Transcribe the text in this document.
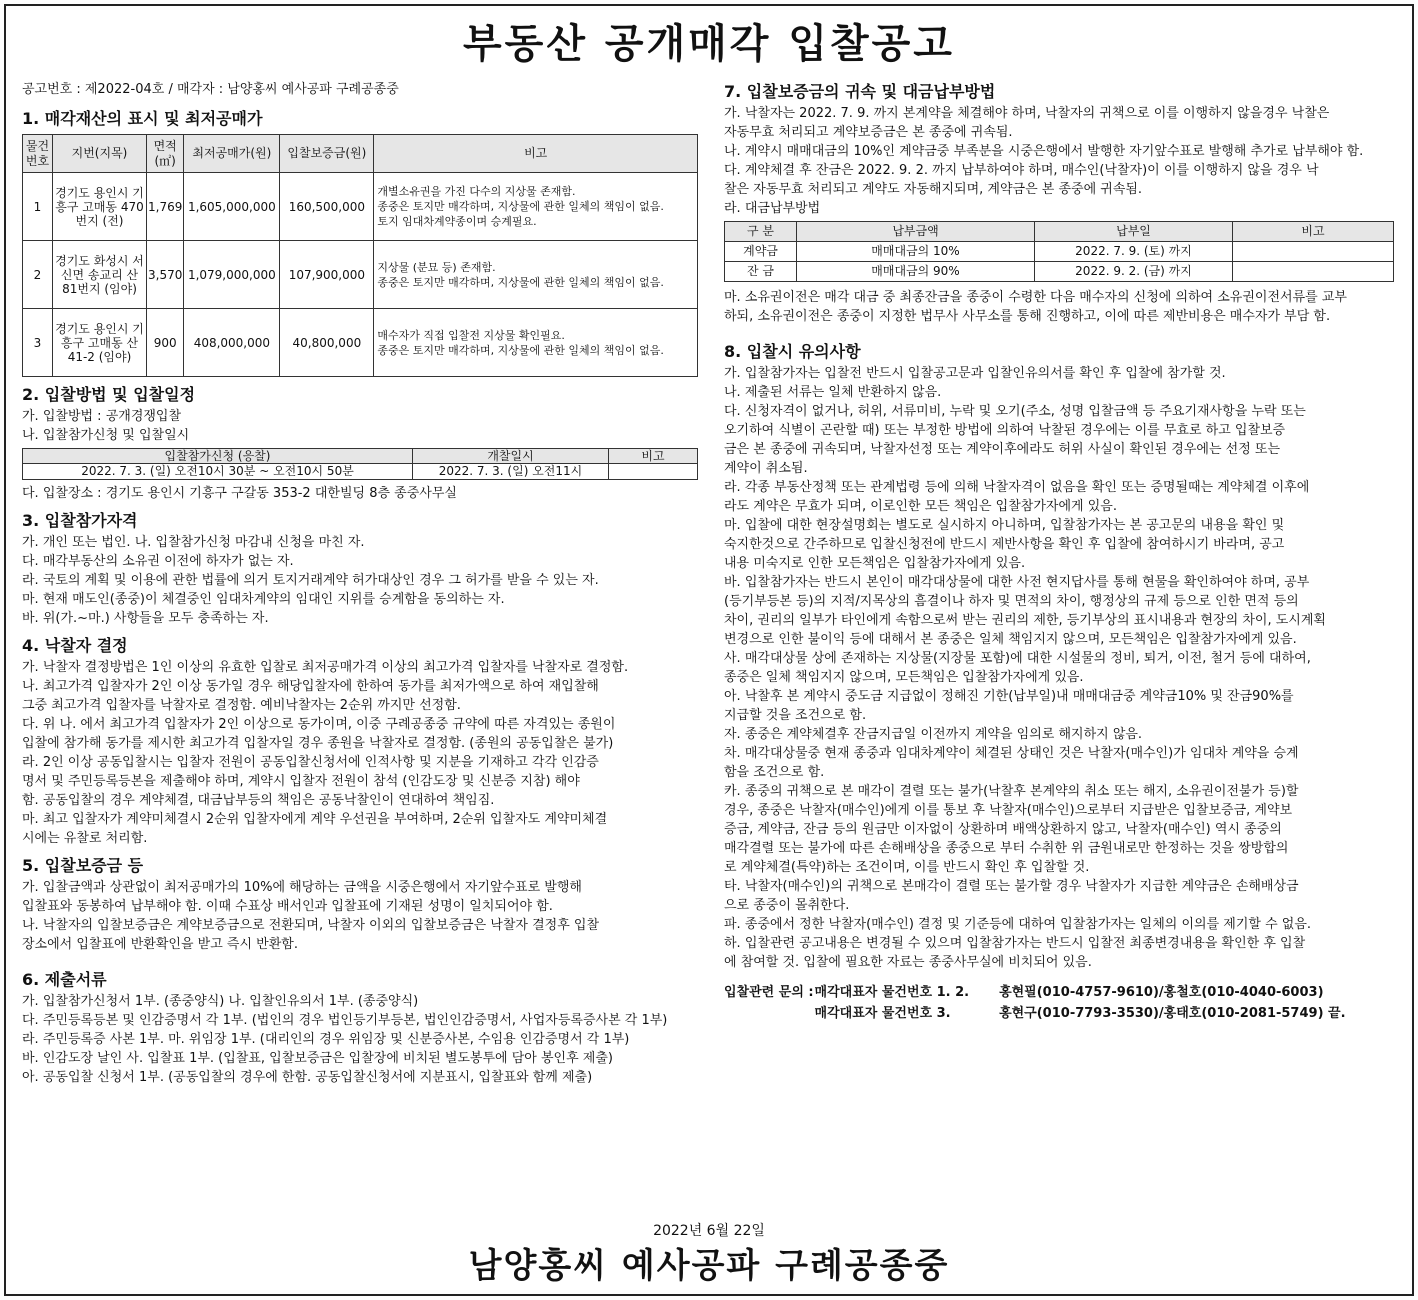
부동산 공개매각 입찰공고
공고번호 : 제2022-04호 / 매각자 : 남양홍씨 예사공파 구례공종중
1. 매각재산의 표시 및 최저공매가
물건번호	지번(지목)	면적(㎡)	최저공매가(원)	입찰보증금(원)	비고
1	경기도 용인시 기흥구 고매동 470번지 (전)	1,769	1,605,000,000	160,500,000	개별소유권을 가진 다수의 지상물 존재함.
종중은 토지만 매각하며, 지상물에 관한 일체의 책임이 없음.
토지 임대차계약종이며 승계필요.

2	경기도 화성시 서신면 송교리 산81번지 (임야)	3,570	1,079,000,000	107,900,000	지상물 (분묘 등) 존재함.
종중은 토지만 매각하며, 지상물에 관한 일체의 책임이 없음.

3	경기도 용인시 기흥구 고매동 산41-2 (임야)	900	408,000,000	40,800,000	매수자가 직접 입찰전 지상물 확인필요.
종중은 토지만 매각하며, 지상물에 관한 일체의 책임이 없음.
2. 입찰방법 및 입찰일정
가. 입찰방법 : 공개경쟁입찰
나. 입찰참가신청 및 입찰일시
입찰참가신청 (응찰)	개찰일시	비고
2022. 7. 3. (일) 오전10시 30분 ~ 오전10시 50분	2022. 7. 3. (일) 오전11시	
다. 입찰장소 : 경기도 용인시 기흥구 구갈동 353-2 대한빌딩 8층 종중사무실
3. 입찰참가자격
가. 개인 또는 법인. 나. 입찰참가신청 마감내 신청을 마친 자.
다. 매각부동산의 소유권 이전에 하자가 없는 자.
라. 국토의 계획 및 이용에 관한 법률에 의거 토지거래계약 허가대상인 경우 그 허가를 받을 수 있는 자.
마. 현재 매도인(종중)이 체결중인 임대차계약의 임대인 지위를 승계함을 동의하는 자.
바. 위(가.~마.) 사항들을 모두 충족하는 자.
4. 낙찰자 결정
가. 낙찰자 결정방법은 1인 이상의 유효한 입찰로 최저공매가격 이상의 최고가격 입찰자를 낙찰자로 결정함.
나. 최고가격 입찰자가 2인 이상 동가일 경우 해당입찰자에 한하여 동가를 최저가액으로 하여 재입찰해
그중 최고가격 입찰자를 낙찰자로 결정함. 예비낙찰자는 2순위 까지만 선정함.
다. 위 나. 에서 최고가격 입찰자가 2인 이상으로 동가이며, 이중 구례공종중 규약에 따른 자격있는 종원이
입찰에 참가해 동가를 제시한 최고가격 입찰자일 경우 종원을 낙찰자로 결정함. (종원의 공동입찰은 불가)
라. 2인 이상 공동입찰시는 입찰자 전원이 공동입찰신청서에 인적사항 및 지분을 기재하고 각각 인감증
명서 및 주민등록등본을 제출해야 하며, 계약시 입찰자 전원이 참석 (인감도장 및 신분증 지참) 해야
함. 공동입찰의 경우 계약체결, 대금납부등의 책임은 공동낙찰인이 연대하여 책임짐.
마. 최고 입찰자가 계약미체결시 2순위 입찰자에게 계약 우선권을 부여하며, 2순위 입찰자도 계약미체결
시에는 유찰로 처리함.
5. 입찰보증금 등
가. 입찰금액과 상관없이 최저공매가의 10%에 해당하는 금액을 시중은행에서 자기앞수표로 발행해
입찰표와 동봉하여 납부해야 함. 이때 수표상 배서인과 입찰표에 기재된 성명이 일치되어야 함.
나. 낙찰자의 입찰보증금은 계약보증금으로 전환되며, 낙찰자 이외의 입찰보증금은 낙찰자 결정후 입찰
장소에서 입찰표에 반환확인을 받고 즉시 반환함.
6. 제출서류
가. 입찰참가신청서 1부. (종중양식) 나. 입찰인유의서 1부. (종중양식)
다. 주민등록등본 및 인감증명서 각 1부. (법인의 경우 법인등기부등본, 법인인감증명서, 사업자등록증사본 각 1부)
라. 주민등록증 사본 1부. 마. 위임장 1부. (대리인의 경우 위임장 및 신분증사본, 수임용 인감증명서 각 1부)
바. 인감도장 날인 사. 입찰표 1부. (입찰표, 입찰보증금은 입찰장에 비치된 별도봉투에 담아 봉인후 제출)
아. 공동입찰 신청서 1부. (공동입찰의 경우에 한함. 공동입찰신청서에 지분표시, 입찰표와 함께 제출)
7. 입찰보증금의 귀속 및 대금납부방법
가. 낙찰자는 2022. 7. 9. 까지 본계약을 체결해야 하며, 낙찰자의 귀책으로 이를 이행하지 않을경우 낙찰은
자동무효 처리되고 계약보증금은 본 종중에 귀속됨.
나. 계약시 매매대금의 10%인 계약금중 부족분을 시중은행에서 발행한 자기앞수표로 발행해 추가로 납부해야 함.
다. 계약체결 후 잔금은 2022. 9. 2. 까지 납부하여야 하며, 매수인(낙찰자)이 이를 이행하지 않을 경우 낙
찰은 자동무효 처리되고 계약도 자동해지되며, 계약금은 본 종중에 귀속됨.
라. 대금납부방법
구 분	납부금액	납부일	비고
계약금	매매대금의 10%	2022. 7. 9. (토) 까지	
잔 금	매매대금의 90%	2022. 9. 2. (금) 까지	
마. 소유권이전은 매각 대금 중 최종잔금을 종중이 수령한 다음 매수자의 신청에 의하여 소유권이전서류를 교부
하되, 소유권이전은 종중이 지정한 법무사 사무소를 통해 진행하고, 이에 따른 제반비용은 매수자가 부담 함.
8. 입찰시 유의사항
가. 입찰참가자는 입찰전 반드시 입찰공고문과 입찰인유의서를 확인 후 입찰에 참가할 것.
나. 제출된 서류는 일체 반환하지 않음.
다. 신청자격이 없거나, 허위, 서류미비, 누락 및 오기(주소, 성명 입찰금액 등 주요기재사항을 누락 또는
오기하여 식별이 곤란할 때) 또는 부정한 방법에 의하여 낙찰된 경우에는 이를 무효로 하고 입찰보증
금은 본 종중에 귀속되며, 낙찰자선정 또는 계약이후에라도 허위 사실이 확인된 경우에는 선정 또는
계약이 취소됨.
라. 각종 부동산정책 또는 관계법령 등에 의해 낙찰자격이 없음을 확인 또는 증명될때는 계약체결 이후에
라도 계약은 무효가 되며, 이로인한 모든 책임은 입찰참가자에게 있음.
마. 입찰에 대한 현장설명회는 별도로 실시하지 아니하며, 입찰참가자는 본 공고문의 내용을 확인 및
숙지한것으로 간주하므로 입찰신청전에 반드시 제반사항을 확인 후 입찰에 참여하시기 바라며, 공고
내용 미숙지로 인한 모든책임은 입찰참가자에게 있음.
바. 입찰참가자는 반드시 본인이 매각대상물에 대한 사전 현지답사를 통해 현물을 확인하여야 하며, 공부
(등기부등본 등)의 지적/지목상의 흠결이나 하자 및 면적의 차이, 행정상의 규제 등으로 인한 면적 등의
차이, 권리의 일부가 타인에게 속함으로써 받는 권리의 제한, 등기부상의 표시내용과 현장의 차이, 도시계획
변경으로 인한 불이익 등에 대해서 본 종중은 일체 책임지지 않으며, 모든책임은 입찰참가자에게 있음.
사. 매각대상물 상에 존재하는 지상물(지장물 포함)에 대한 시설물의 정비, 퇴거, 이전, 철거 등에 대하여,
종중은 일체 책임지지 않으며, 모든책임은 입찰참가자에게 있음.
아. 낙찰후 본 계약시 중도금 지급없이 정해진 기한(납부일)내 매매대금중 계약금10% 및 잔금90%를
지급할 것을 조건으로 함.
자. 종중은 계약체결후 잔금지급일 이전까지 계약을 임의로 해지하지 않음.
차. 매각대상물중 현재 종중과 임대차계약이 체결된 상태인 것은 낙찰자(매수인)가 임대차 계약을 승계
함을 조건으로 함.
카. 종중의 귀책으로 본 매각이 결렬 또는 불가(낙찰후 본계약의 취소 또는 해지, 소유권이전불가 등)할
경우, 종중은 낙찰자(매수인)에게 이를 통보 후 낙찰자(매수인)으로부터 지급받은 입찰보증금, 계약보
증금, 계약금, 잔금 등의 원금만 이자없이 상환하며 배액상환하지 않고, 낙찰자(매수인) 역시 종중의
매각결렬 또는 불가에 따른 손해배상을 종중으로 부터 수취한 위 금원내로만 한정하는 것을 쌍방합의
로 계약체결(특약)하는 조건이며, 이를 반드시 확인 후 입찰할 것.
타. 낙찰자(매수인)의 귀책으로 본매각이 결렬 또는 불가할 경우 낙찰자가 지급한 계약금은 손해배상금
으로 종중이 몰취한다.
파. 종중에서 정한 낙찰자(매수인) 결정 및 기준등에 대하여 입찰참가자는 일체의 이의를 제기할 수 없음.
하. 입찰관련 공고내용은 변경될 수 있으며 입찰참가자는 반드시 입찰전 최종변경내용을 확인한 후 입찰
에 참여할 것. 입찰에 필요한 자료는 종중사무실에 비치되어 있음.
입찰관련 문의 : 매각대표자 물건번호 1. 2. 홍현필(010-4757-9610)/홍철호(010-4040-6003)
매각대표자 물건번호 3.	홍현구(010-7793-3530)/홍태호(010-2081-5749) 끝.
2022년 6월 22일
남양홍씨 예사공파 구례공종중
